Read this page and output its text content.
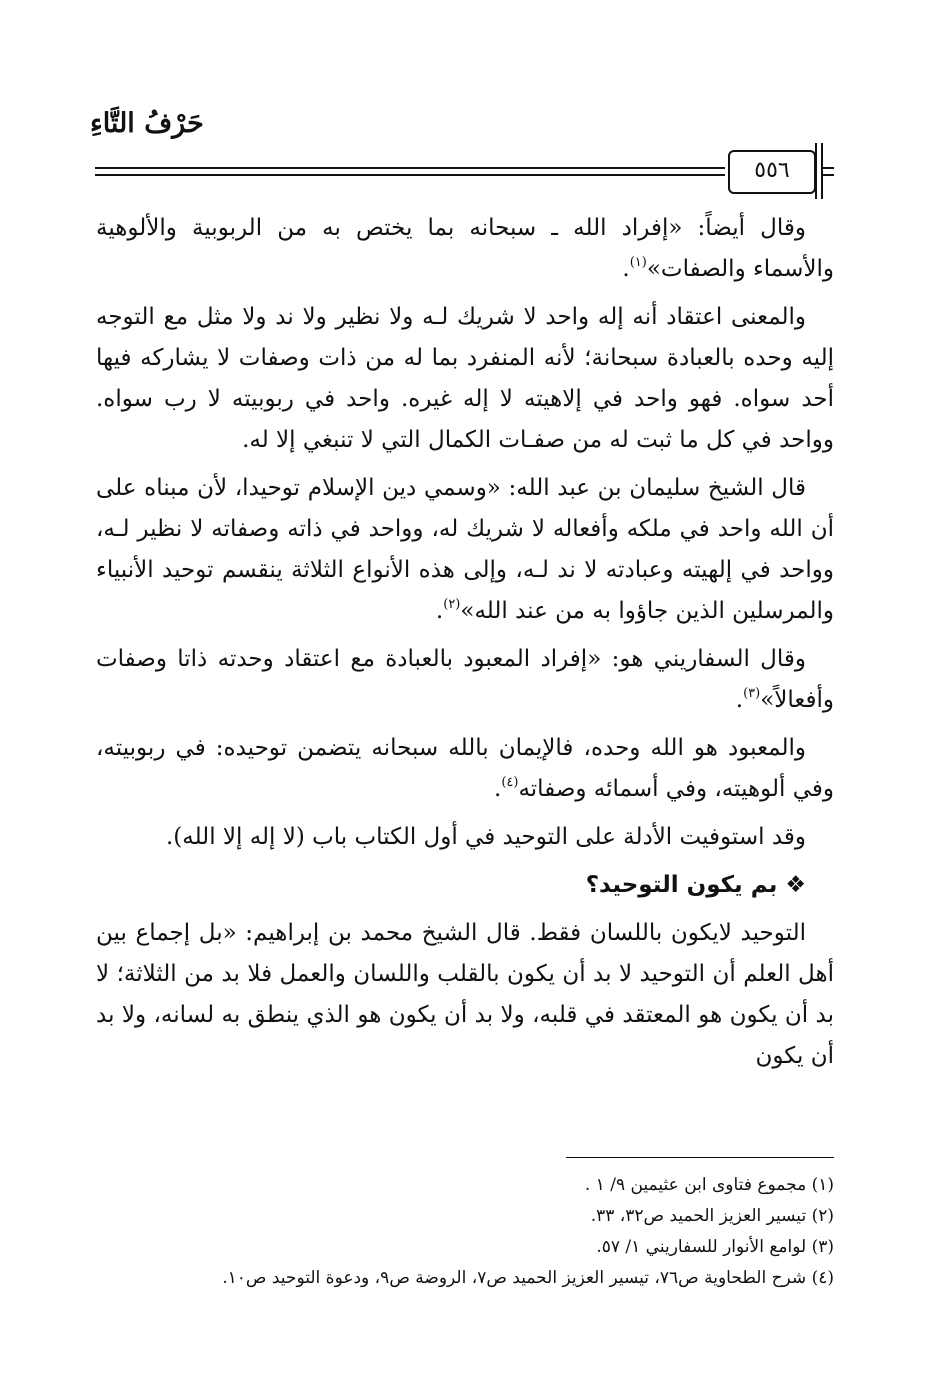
حَرْفُ التَّاءِ
٥٥٦

وقال أيضاً: «إفراد الله ـ سبحانه بما يختص به من الربوبية والألوهية والأسماء والصفات»$^{(١)}$.

والمعنى اعتقاد أنه إله واحد لا شريك لـه ولا نظير ولا ند ولا مثل مع التوجه إليه وحده بالعبادة سبحانة؛ لأنه المنفرد بما له من ذات وصفات لا يشاركه فيها أحد سواه. فهو واحد في إلاهيته لا إله غيره. واحد في ربوبيته لا رب سواه. وواحد في كل ما ثبت له من صفـات الكمال التي لا تنبغي إلا له.

قال الشيخ سليمان بن عبد الله: «وسمي دين الإسلام توحيدا، لأن مبناه على أن الله واحد في ملكه وأفعاله لا شريك له، وواحد في ذاته وصفاته لا نظير لـه، وواحد في إلهيته وعبادته لا ند لـه، وإلى هذه الأنواع الثلاثة ينقسم توحيد الأنبياء والمرسلين الذين جاؤوا به من عند الله»$^{(٢)}$.

وقال السفاريني هو: «إفراد المعبود بالعبادة مع اعتقاد وحدته ذاتا وصفات وأفعالاً»$^{(٣)}$.

والمعبود هو الله وحده، فالإيمان بالله سبحانه يتضمن توحيده: في ربوبيته، وفي ألوهيته، وفي أسمائه وصفاته$^{(٤)}$.

وقد استوفيت الأدلة على التوحيد في أول الكتاب باب (لا إله إلا الله).

❖ بم يكون التوحيد؟

التوحيد لايكون باللسان فقط. قال الشيخ محمد بن إبراهيم: «بل إجماع بين أهل العلم أن التوحيد لا بد أن يكون بالقلب واللسان والعمل فلا بد من الثلاثة؛ لا بد أن يكون هو المعتقد في قلبه، ولا بد أن يكون هو الذي ينطق به لسانه، ولا بد أن يكون

(١) مجموع فتاوى ابن عثيمين ٩/ ١ .
(٢) تيسير العزيز الحميد ص٣٢، ٣٣.
(٣) لوامع الأنوار للسفاريني ١/ ٥٧.
(٤) شرح الطحاوية ص٧٦، تيسير العزيز الحميد ص٧، الروضة ص٩، ودعوة التوحيد ص١٠.
